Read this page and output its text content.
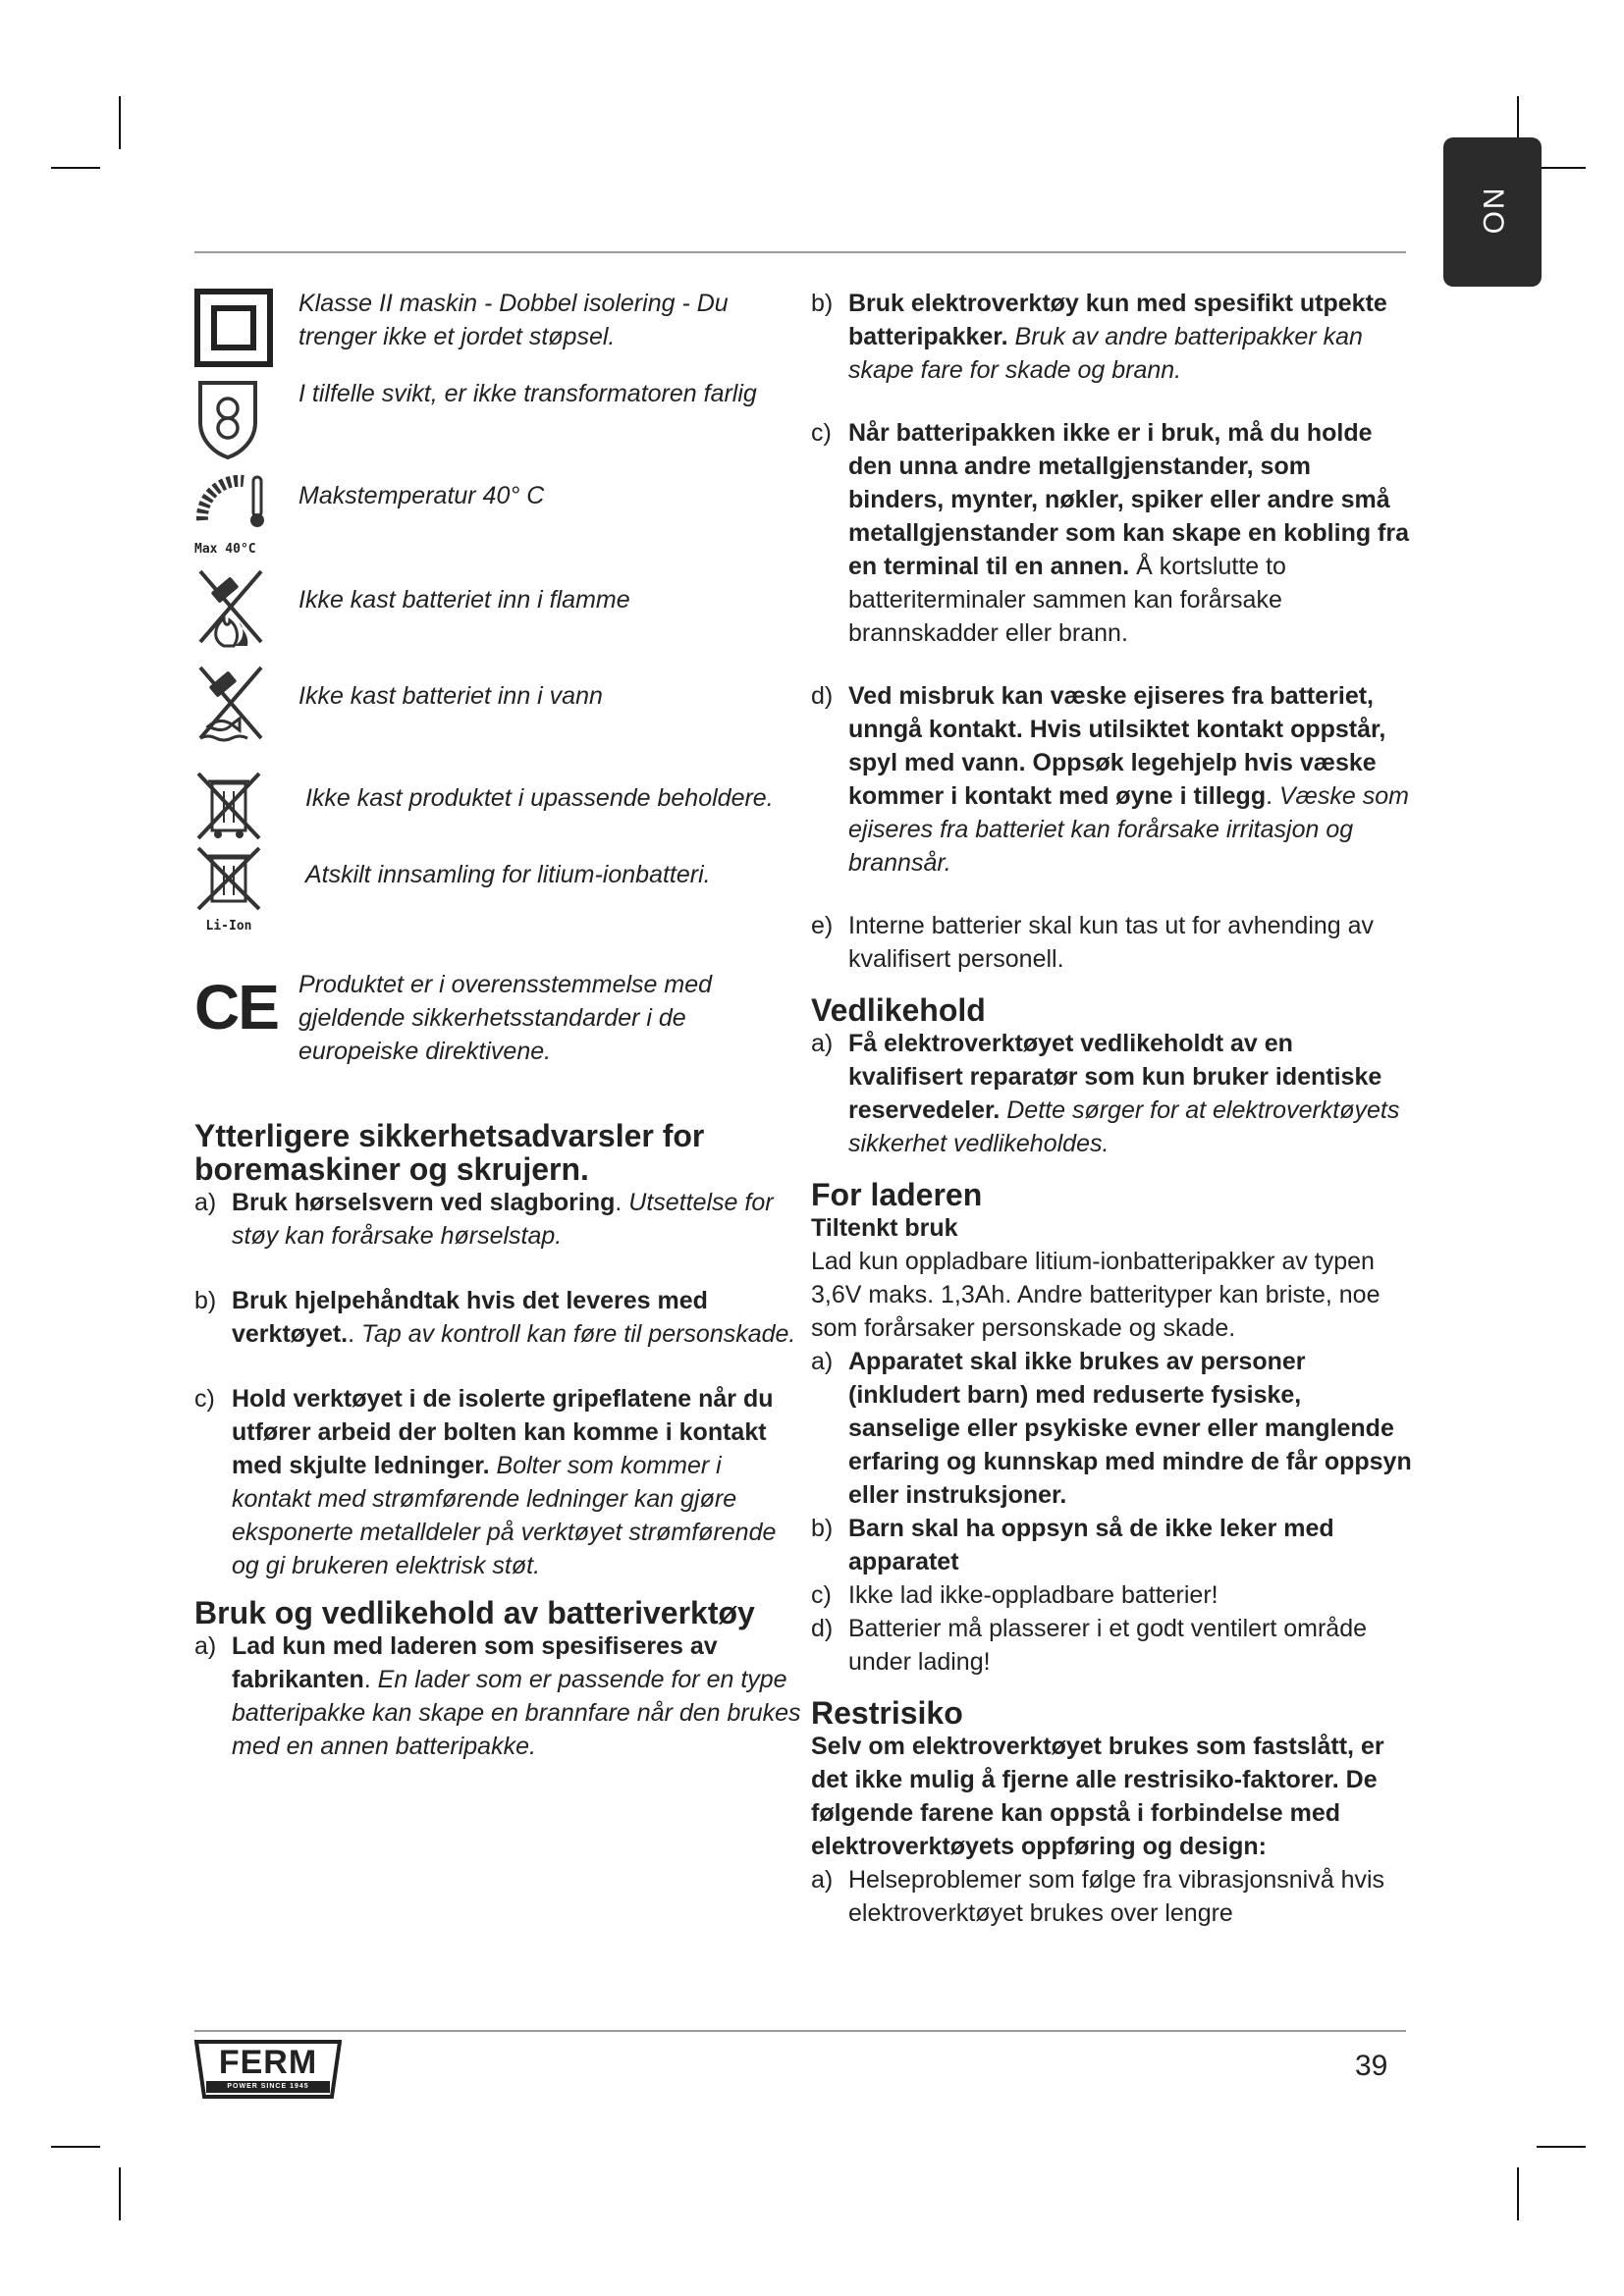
NO

Klasse II maskin - Dobbel isolering - Du trenger ikke et jordet støpsel.

I tilfelle svikt, er ikke transformatoren farlig

Max 40°C

Makstemperatur 40° C

Ikke kast batteriet inn i flamme

Ikke kast batteriet inn i vann

Ikke kast produktet i upassende beholdere.

Li-Ion

Atskilt innsamling for litium-ionbatteri.

CE Produktet er i overensstemmelse med gjeldende sikkerhetsstandarder i de europeiske direktivene.

Ytterligere sikkerhetsadvarsler for boremaskiner og skrujern.
a) Bruk hørselsvern ved slagboring. Utsettelse for støy kan forårsake hørselstap.
b) Bruk hjelpehåndtak hvis det leveres med verktøyet.. Tap av kontroll kan føre til personskade.
c) Hold verktøyet i de isolerte gripeflatene når du utfører arbeid der bolten kan komme i kontakt med skjulte ledninger. Bolter som kommer i kontakt med strømførende ledninger kan gjøre eksponerte metalldeler på verktøyet strømførende og gi brukeren elektrisk støt.
Bruk og vedlikehold av batteriverktøy
a) Lad kun med laderen som spesifiseres av fabrikanten. En lader som er passende for en type batteripakke kan skape en brannfare når den brukes med en annen batteripakke.
b) Bruk elektroverktøy kun med spesifikt utpekte batteripakker. Bruk av andre batteripakker kan skape fare for skade og brann.
c) Når batteripakken ikke er i bruk, må du holde den unna andre metallgjenstander, som binders, mynter, nøkler, spiker eller andre små metallgjenstander som kan skape en kobling fra en terminal til en annen. Å kortslutte to batteriterminaler sammen kan forårsake brannskadder eller brann.
d) Ved misbruk kan væske ejiseres fra batteriet, unngå kontakt. Hvis utilsiktet kontakt oppstår, spyl med vann. Oppsøk legehjelp hvis væske kommer i kontakt med øyne i tillegg. Væske som ejiseres fra batteriet kan forårsake irritasjon og brannsår.
e) Interne batterier skal kun tas ut for avhending av kvalifisert personell.
Vedlikehold
a) Få elektroverktøyet vedlikeholdt av en kvalifisert reparatør som kun bruker identiske reservedeler. Dette sørger for at elektroverktøyets sikkerhet vedlikeholdes.
For laderen
Tiltenkt bruk

Lad kun oppladbare litium-ionbatteripakker av typen 3,6V maks. 1,3Ah. Andre batterityper kan briste, noe som forårsaker personskade og skade.

a) Apparatet skal ikke brukes av personer (inkludert barn) med reduserte fysiske, sanselige eller psykiske evner eller manglende erfaring og kunnskap med mindre de får oppsyn eller instruksjoner.
b) Barn skal ha oppsyn så de ikke leker med apparatet
c) Ikke lad ikke-oppladbare batterier!
d) Batterier må plasserer i et godt ventilert område under lading!
Restrisiko

Selv om elektroverktøyet brukes som fastslått, er det ikke mulig å fjerne alle restrisiko-faktorer. De følgende farene kan oppstå i forbindelse med elektroverktøyets oppføring og design:

a) Helseproblemer som følge fra vibrasjonsnivå hvis elektroverktøyet brukes over lengre
FERM
POWER SINCE 1945
39
